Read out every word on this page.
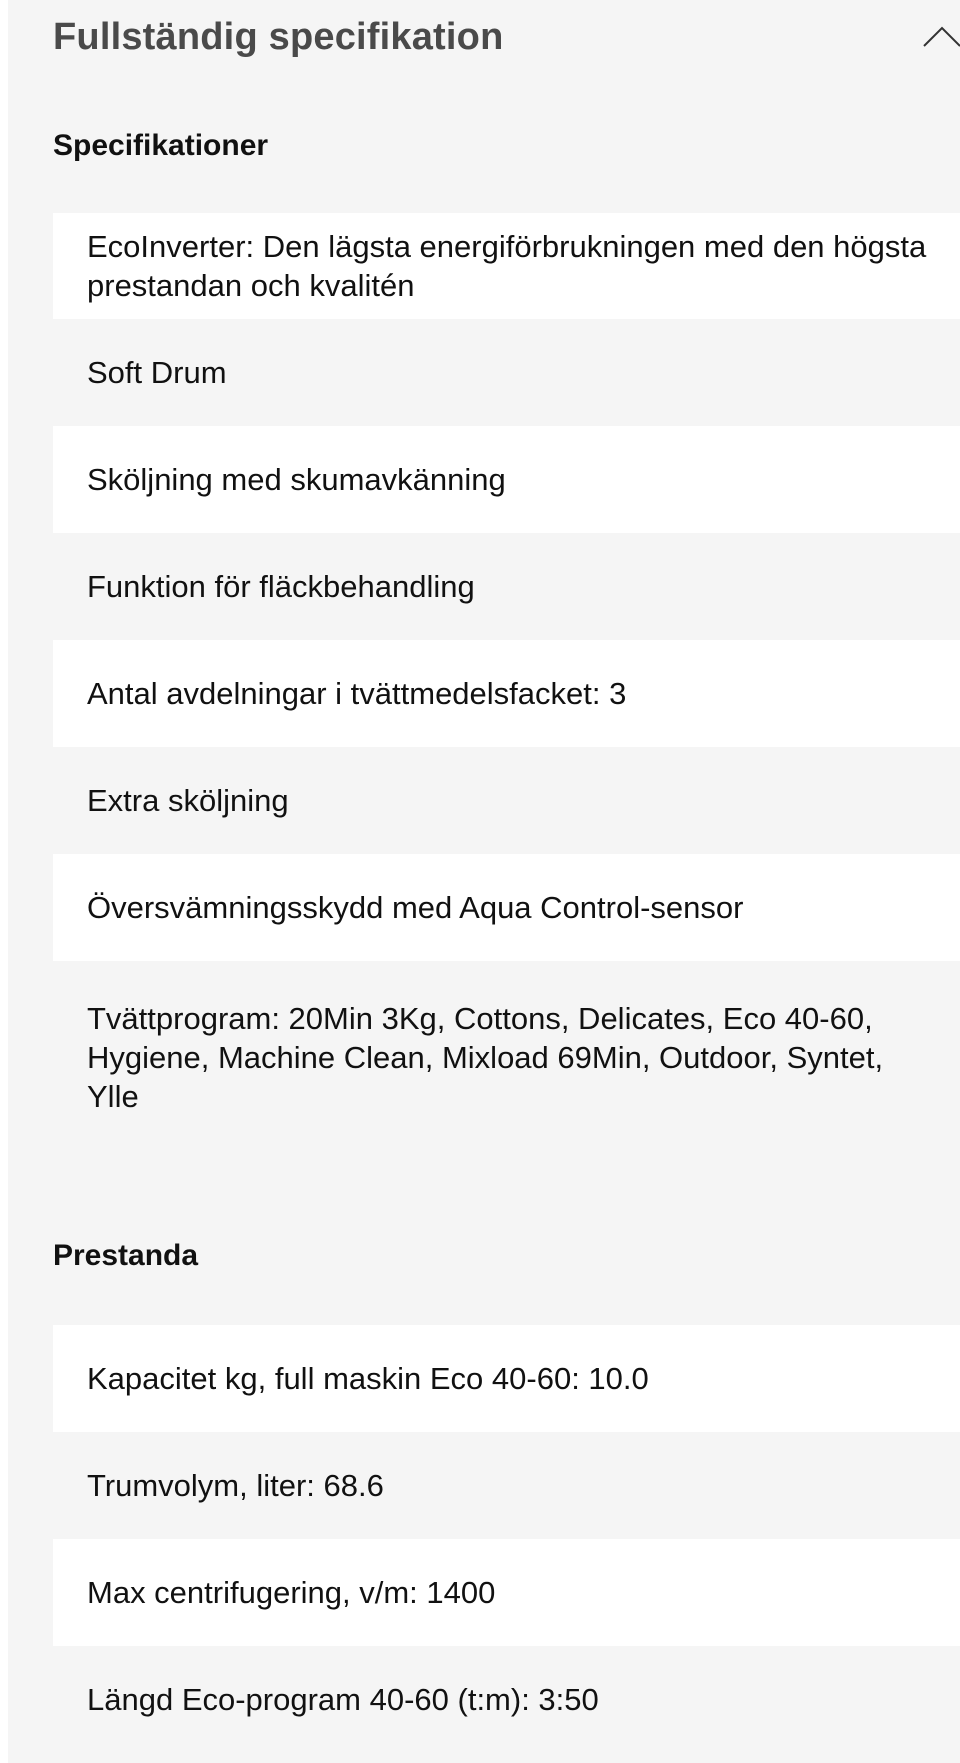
Fullständig specifikation
Specifikationer
EcoInverter: Den lägsta energiförbrukningen med den högsta prestandan och kvalitén
Soft Drum
Sköljning med skumavkänning
Funktion för fläckbehandling
Antal avdelningar i tvättmedelsfacket: 3
Extra sköljning
Översvämningsskydd med Aqua Control-sensor
Tvättprogram: 20Min 3Kg, Cottons, Delicates, Eco 40-60, Hygiene, Machine Clean, Mixload 69Min, Outdoor, Syntet, Ylle
Prestanda
Kapacitet kg, full maskin Eco 40-60: 10.0
Trumvolym, liter: 68.6
Max centrifugering, v/m: 1400
Längd Eco-program 40-60 (t:m): 3:50
